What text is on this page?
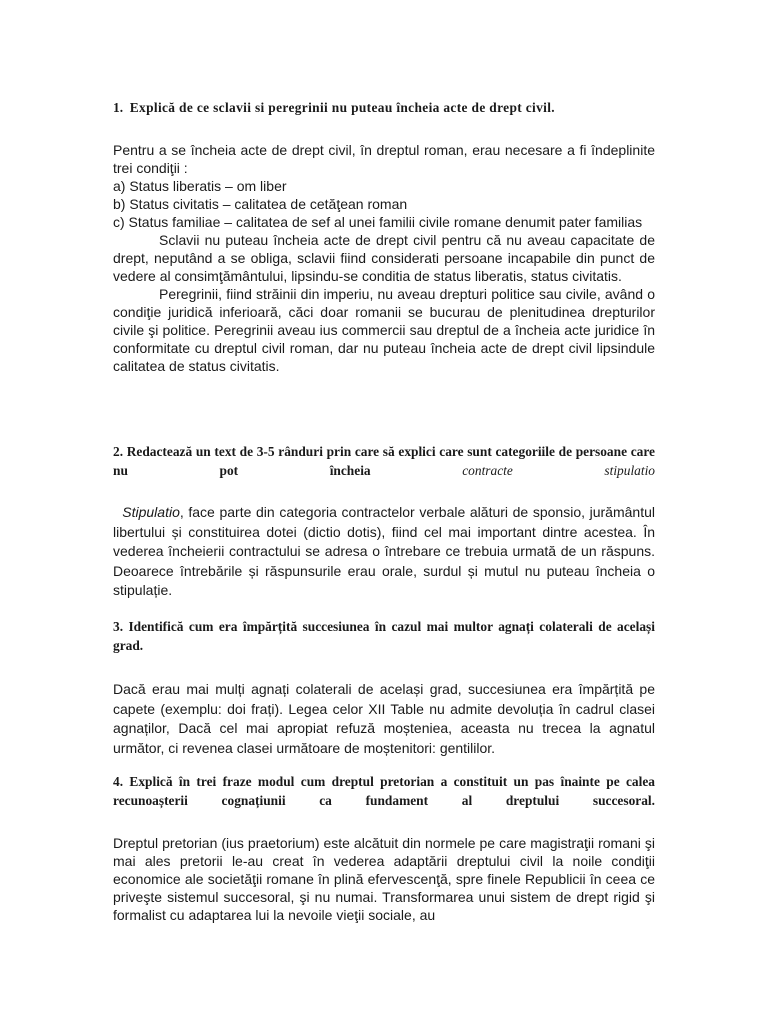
1. Explică de ce sclavii si peregrinii nu puteau încheia acte de drept civil.

Pentru a se încheia acte de drept civil, în dreptul roman, erau necesare a fi îndeplinite trei condiţii :

a) Status liberatis – om liber

b) Status civitatis – calitatea de cetăţean roman

c) Status familiae – calitatea de sef al unei familii civile romane denumit pater familias

Sclavii nu puteau încheia acte de drept civil pentru că nu aveau capacitate de drept, neputând a se obliga, sclavii fiind considerati persoane incapabile din punct de vedere al consimţământului, lipsindu-se conditia de status liberatis, status civitatis.

Peregrinii, fiind străinii din imperiu, nu aveau drepturi politice sau civile, având o condiţie juridică inferioară, căci doar romanii se bucurau de plenitudinea drepturilor civile şi politice. Peregrinii aveau ius commercii sau dreptul de a încheia acte juridice în conformitate cu dreptul civil roman, dar nu puteau încheia acte de drept civil lipsindule calitatea de status civitatis.

2. Redactează un text de 3-5 rânduri prin care să explici care sunt categoriile de persoane care nu pot încheia	contracte stipulatio

Stipulatio, face parte din categoria contractelor verbale alături de sponsio, jurământul libertului și constituirea dotei (dictio dotis), fiind cel mai important dintre acestea. În vederea încheierii contractului se adresa o întrebare ce trebuia urmată de un răspuns. Deoarece întrebările și răspunsurile erau orale, surdul și mutul nu puteau încheia o stipulație.

3. Identifică cum era împărțită succesiunea în cazul mai multor agnați colaterali de același grad.

Dacă erau mai mulți agnați colaterali de același grad, succesiunea era împărțită pe capete (exemplu: doi frați). Legea celor XII Table nu admite devoluția în cadrul clasei agnaților, Dacă cel mai apropiat refuză moșteniea, aceasta nu trecea la agnatul următor, ci revenea clasei următoare de moștenitori: gentililor.

4. Explică în trei fraze modul cum dreptul pretorian a constituit un pas înainte pe calea recunoașterii cognațiunii ca fundament al dreptului succesoral.

Dreptul pretorian (ius praetorium) este alcătuit din normele pe care magistraţii romani şi mai ales pretorii le-au creat în vederea adaptării dreptului civil la noile condiţii economice ale societăţii romane în plină efervescenţă, spre finele Republicii în ceea ce priveşte sistemul succesoral, şi nu numai. Transformarea unui sistem de drept rigid şi formalist cu adaptarea lui la nevoile vieţii sociale, au
